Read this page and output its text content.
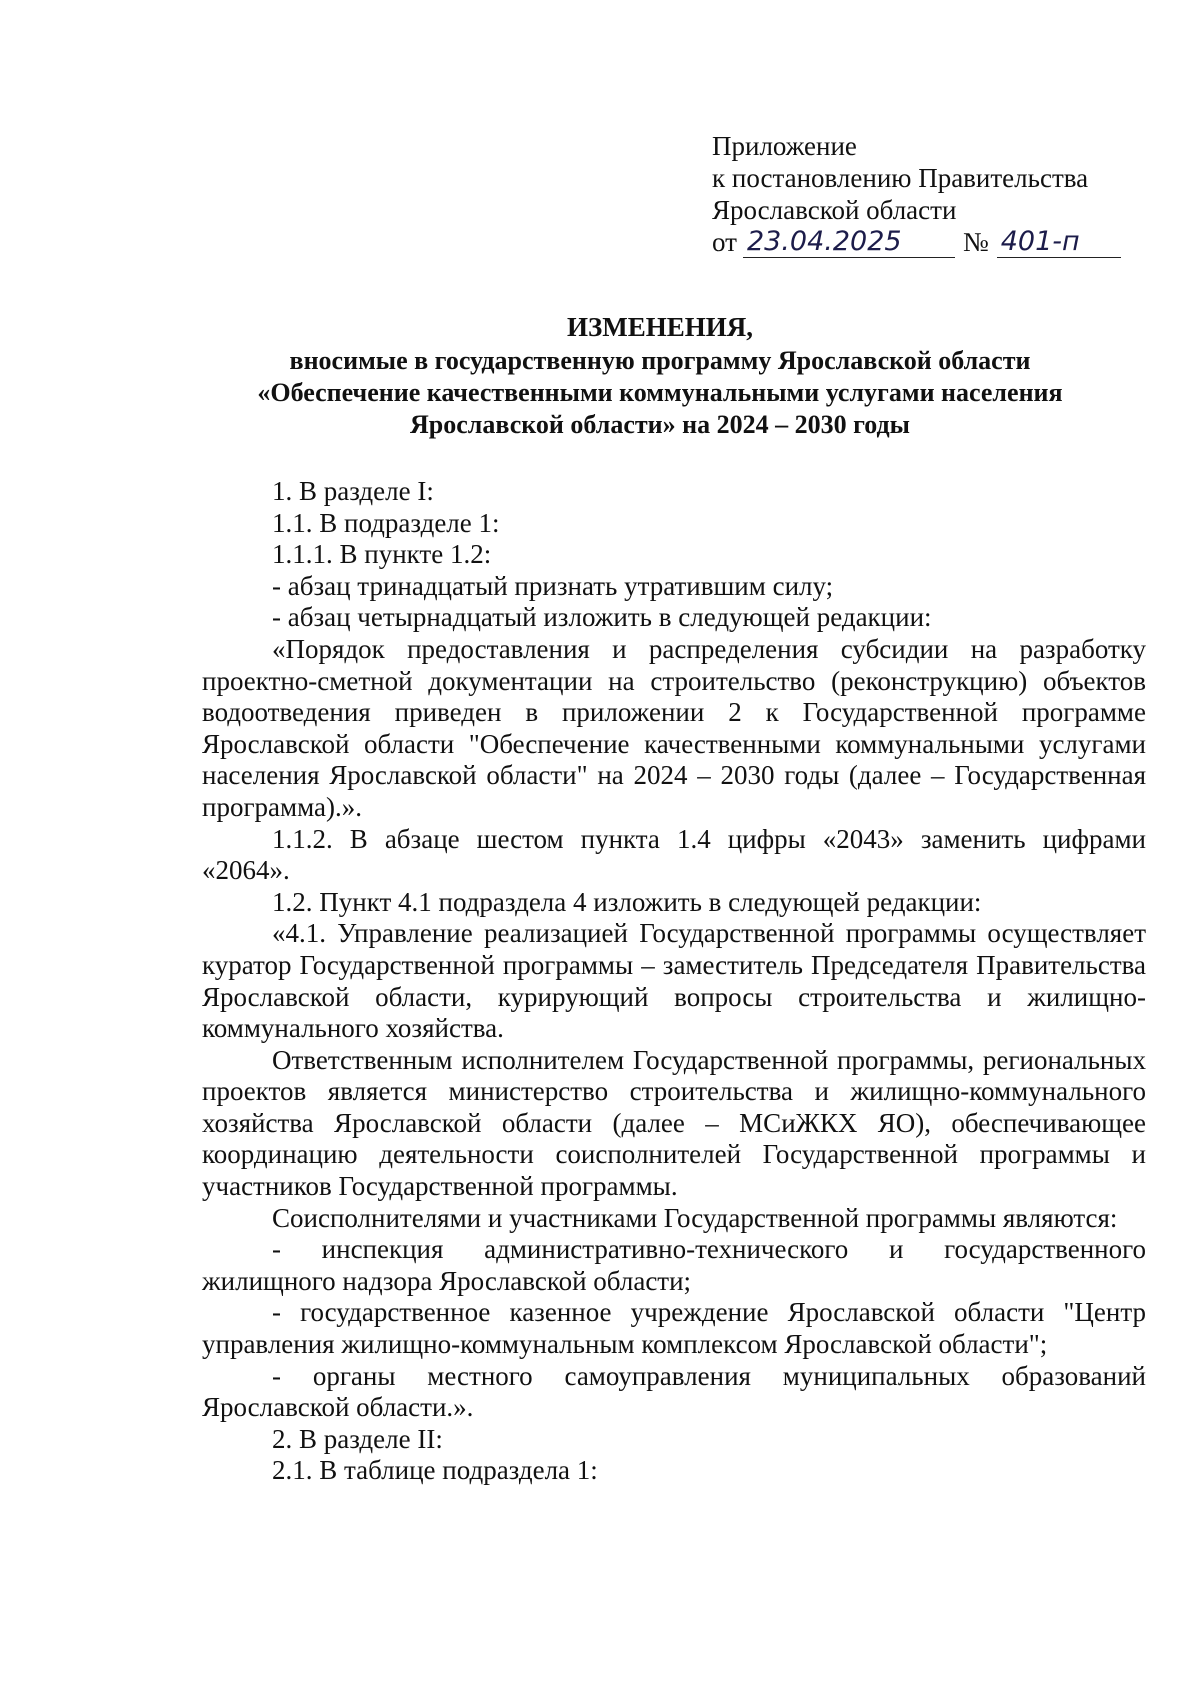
Приложение
к постановлению Правительства
Ярославской области
от 23.04.2025	№ 401-п
ИЗМЕНЕНИЯ,
вносимые в государственную программу Ярославской области
«Обеспечение качественными коммунальными услугами населения
Ярославской области» на 2024 – 2030 годы
1. В разделе I:
1.1. В подразделе 1:
1.1.1. В пункте 1.2:
- абзац тринадцатый признать утратившим силу;
- абзац четырнадцатый изложить в следующей редакции:
«Порядок предоставления и распределения субсидии на разработку проектно-сметной документации на строительство (реконструкцию) объектов водоотведения приведен в приложении 2 к Государственной программе Ярославской области "Обеспечение качественными коммунальными услугами населения Ярославской области" на 2024 – 2030 годы (далее – Государственная программа).».
1.1.2. В абзаце шестом пункта 1.4 цифры «2043» заменить цифрами «2064».
1.2. Пункт 4.1 подраздела 4 изложить в следующей редакции:
«4.1. Управление реализацией Государственной программы осуществляет куратор Государственной программы – заместитель Председателя Правительства Ярославской области, курирующий вопросы строительства и жилищно-коммунального хозяйства.
Ответственным исполнителем Государственной программы, региональных проектов является министерство строительства и жилищно-коммунального хозяйства Ярославской области (далее – МСиЖКХ ЯО), обеспечивающее координацию деятельности соисполнителей Государственной программы и участников Государственной программы.
Соисполнителями и участниками Государственной программы являются:
- инспекция административно-технического и государственного жилищного надзора Ярославской области;
- государственное казенное учреждение Ярославской области "Центр управления жилищно-коммунальным комплексом Ярославской области";
- органы местного самоуправления муниципальных образований Ярославской области.».
2. В разделе II:
2.1. В таблице подраздела 1:
